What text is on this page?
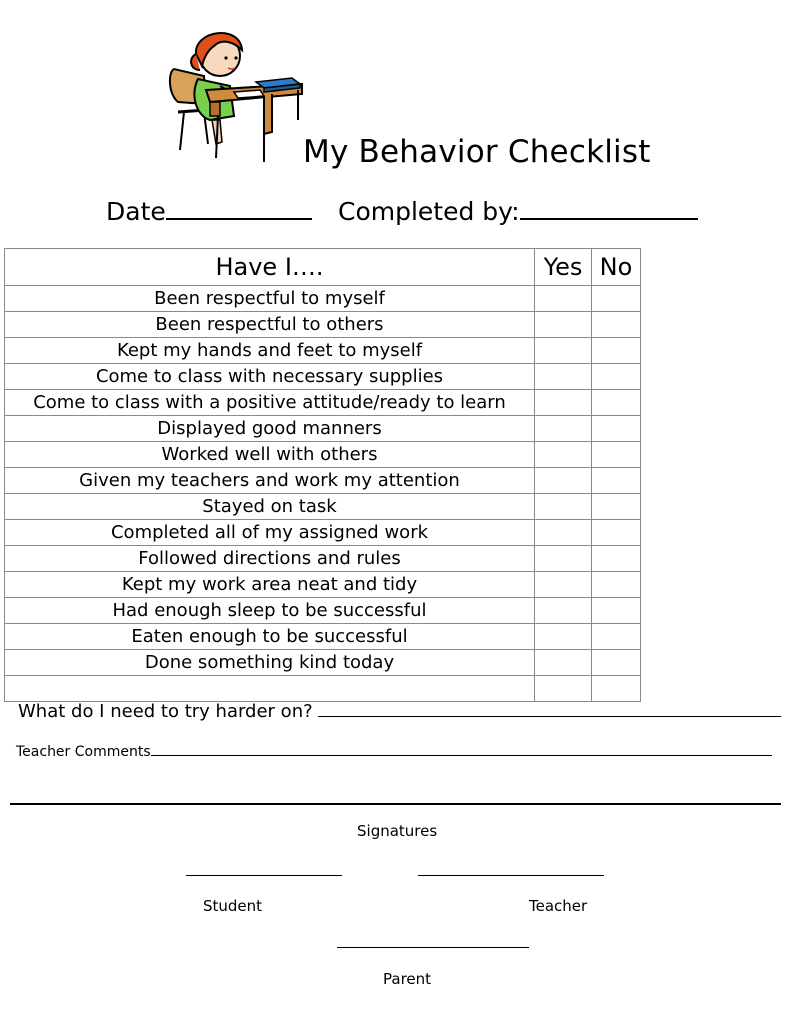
My Behavior Checklist
Date	Completed by:
Have I….	Yes	No
Been respectful to myself		
Been respectful to others		
Kept my hands and feet to myself		
Come to class with necessary supplies		
Come to class with a positive attitude/ready to learn		
Displayed good manners		
Worked well with others		
Given my teachers and work my attention		
Stayed on task		
Completed all of my assigned work		
Followed directions and rules		
Kept my work area neat and tidy		
Had enough sleep to be successful		
Eaten enough to be successful		
Done something kind today		

What do I need to try harder on?
Teacher Comments
Signatures
Student	Teacher
Parent
